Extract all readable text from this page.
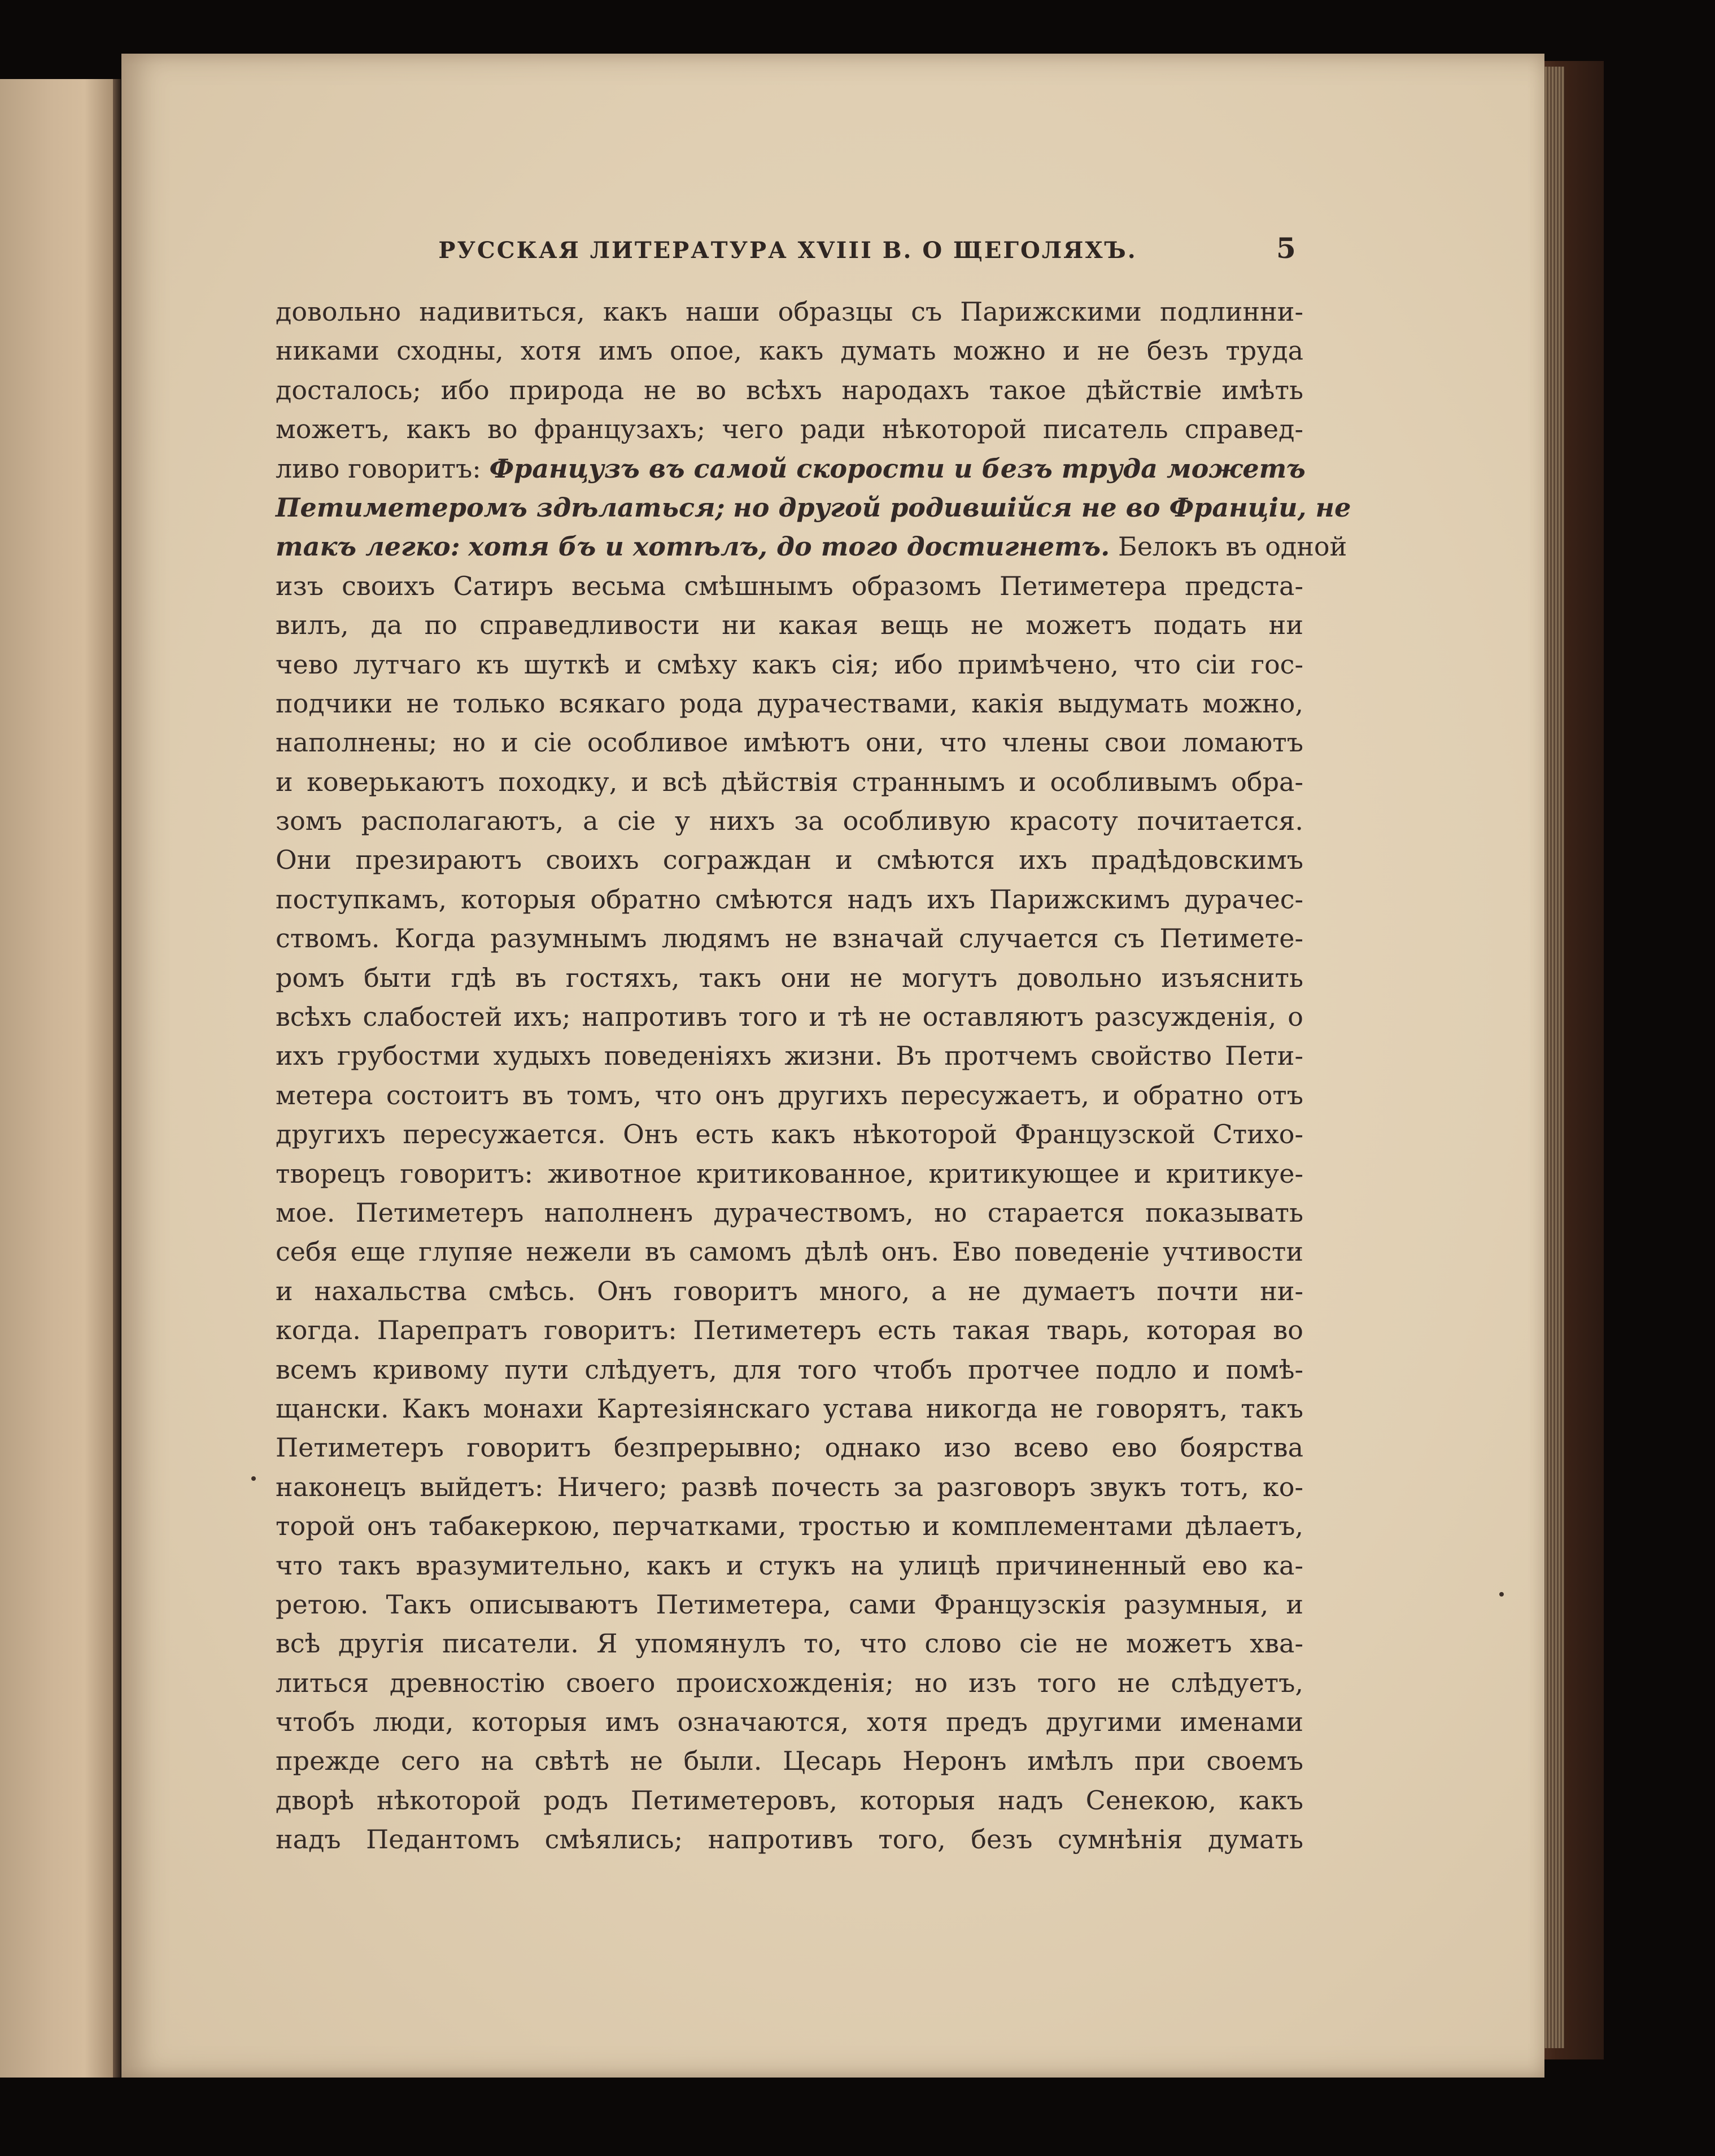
РУССКАЯ ЛИТЕРАТУРА XVIII В. О ЩЕГОЛЯХЪ.	5
довольно надивиться, какъ наши образцы съ Парижскими подлинни-
никами сходны, хотя имъ опое, какъ думать можно и не безъ труда
досталось; ибо природа не во всѣхъ народахъ такое дѣйствіе имѣть
можетъ, какъ во французахъ; чего ради нѣкоторой писатель справед-
ливо говоритъ: Французъ въ самой скорости и безъ труда можетъ
Петиметеромъ здѣлаться; но другой родившійся не во Франціи, не
такъ легко: хотя бъ и хотѣлъ, до того достигнетъ. Белокъ въ одной
изъ своихъ Сатиръ весьма смѣшнымъ образомъ Петиметера предста-
вилъ, да по справедливости ни какая вещь не можетъ подать ни
чево лутчаго къ шуткѣ и смѣху какъ сія; ибо примѣчено, что сіи гос-
подчики не только всякаго рода дурачествами, какія выдумать можно,
наполнены; но и сіе особливое имѣютъ они, что члены свои ломаютъ
и коверькаютъ походку, и всѣ дѣйствія страннымъ и особливымъ обра-
зомъ располагаютъ, а сіе у нихъ за особливую красоту почитается.
Они презираютъ своихъ сограждан и смѣются ихъ прадѣдовскимъ
поступкамъ, которыя обратно смѣются надъ ихъ Парижскимъ дурачес-
ствомъ. Когда разумнымъ людямъ не взначай случается съ Петиметe-
ромъ быти гдѣ въ гостяхъ, такъ они не могутъ довольно изъяснить
всѣхъ слабостей ихъ; напротивъ того и тѣ не оставляютъ разсужденія, о
ихъ грубостми худыхъ поведеніяхъ жизни. Въ протчемъ свойство Пети-
метера состоитъ въ томъ, что онъ другихъ пересужаетъ, и обратно отъ
другихъ пересужается. Онъ есть какъ нѣкоторой Французской Стихо-
творецъ говоритъ: животное критикованное, критикующее и критикуе-
мое. Петиметеръ наполненъ дурачествомъ, но старается показывать
себя еще глупяе нежели въ самомъ дѣлѣ онъ. Ево поведеніе учтивости
и нахальства смѣсь. Онъ говоритъ много, а не думаетъ почти ни-
когда. Парепратъ говоритъ: Петиметеръ есть такая тварь, которая во
всемъ кривому пути слѣдуетъ, для того чтобъ протчее подло и помѣ-
щански. Какъ монахи Картезіянскаго устава никогда не говорятъ, такъ
Петиметеръ говоритъ безпрерывно; однако изо всево ево боярства
наконецъ выйдетъ: Ничего; развѣ почесть за разговоръ звукъ тотъ, ко-
торой онъ табакеркою, перчатками, тростью и комплементами дѣлаетъ,
что такъ вразумительно, какъ и стукъ на улицѣ причиненный ево ка-
ретою. Такъ описываютъ Петиметера, сами Французскія разумныя, и
всѣ другія писатели. Я упомянулъ то, что слово сіе не можетъ хва-
литься древностію своего происхожденія; но изъ того не слѣдуетъ,
чтобъ люди, которыя имъ означаются, хотя предъ другими именами
прежде сего на свѣтѣ не были. Цесарь Неронъ имѣлъ при своемъ
дворѣ нѣкоторой родъ Петиметеровъ, которыя надъ Сенекою, какъ
надъ Педантомъ смѣялись; напротивъ того, безъ сумнѣнія думать
